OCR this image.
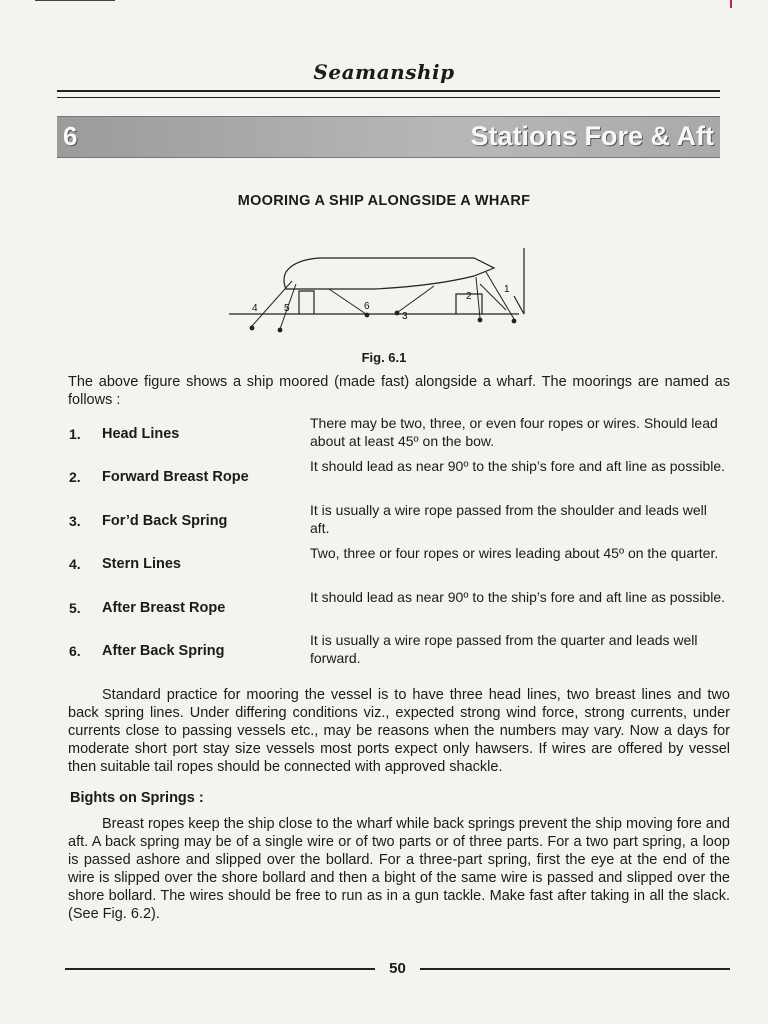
Seamanship
6	Stations Fore & Aft
MOORING A SHIP ALONGSIDE A WHARF
4	5	6
3
2
1
Fig. 6.1

The above figure shows a ship moored (made fast) alongside a wharf. The moorings are named as follows :

1. Head Lines
There may be two, three, or even four ropes or wires. Should lead about at least 45º on the bow.
2. Forward Breast Rope
It should lead as near 90º to the ship’s fore and aft line as possible.
3. For’d Back Spring
It is usually a wire rope passed from the shoulder and leads well aft.
4. Stern Lines
Two, three or four ropes or wires leading about 45º on the quarter.
5. After Breast Rope
It should lead as near 90º to the ship’s fore and aft line as possible.
6. After Back Spring
It is usually a wire rope passed from the quarter and leads well forward.

Standard practice for mooring the vessel is to have three head lines, two breast lines and two back spring lines. Under differing conditions viz., expected strong wind force, strong currents, under currents close to passing vessels etc., may be reasons when the numbers may vary. Now a days for moderate short port stay size vessels most ports expect only hawsers. If wires are offered by vessel then suitable tail ropes should be connected with approved shackle.

Bights on Springs :

Breast ropes keep the ship close to the wharf while back springs prevent the ship moving fore and aft. A back spring may be of a single wire or of two parts or of three parts. For a two part spring, a loop is passed ashore and slipped over the bollard. For a three-part spring, first the eye at the end of the wire is slipped over the shore bollard and then a bight of the same wire is passed and slipped over the shore bollard. The wires should be free to run as in a gun tackle. Make fast after taking in all the slack. (See Fig. 6.2).

50
